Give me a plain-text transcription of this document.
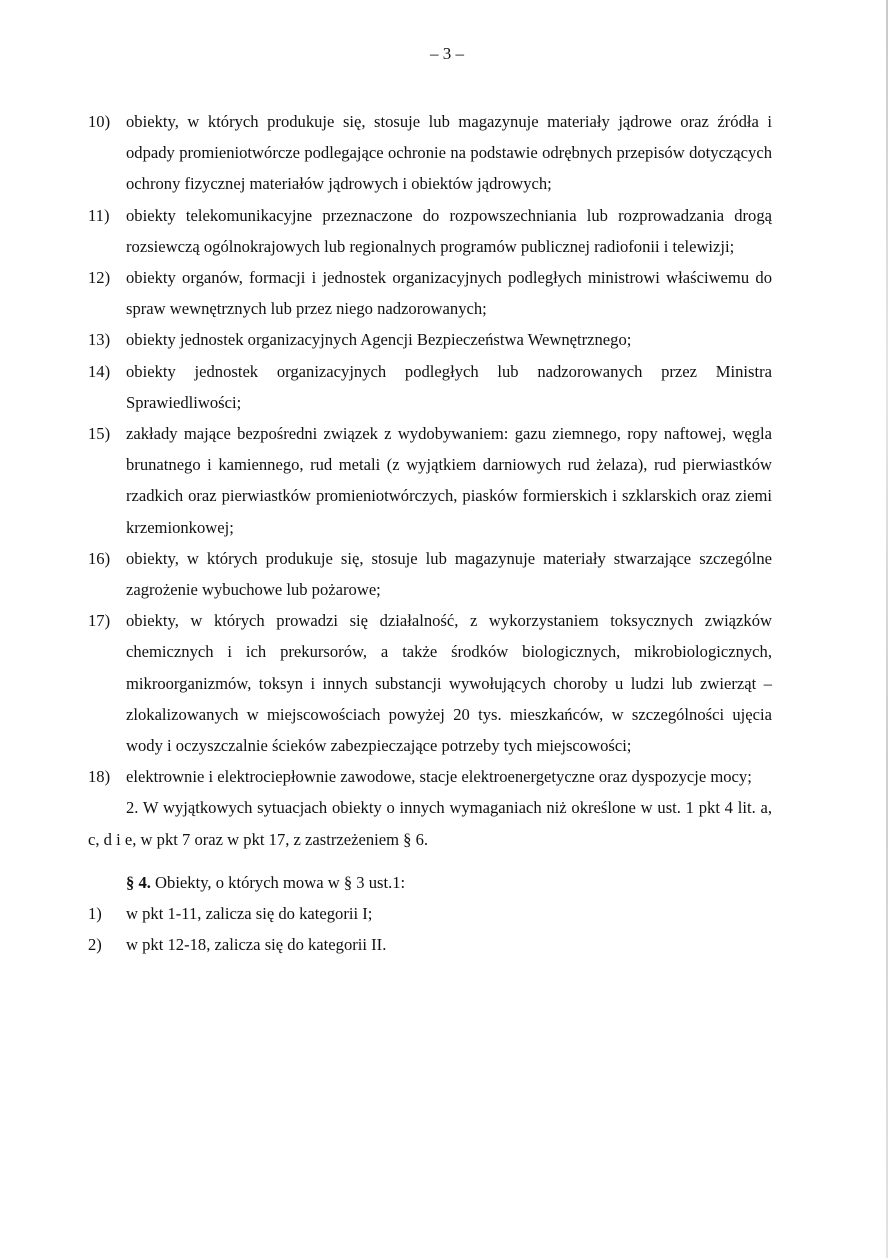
– 3 –
10) obiekty, w których produkuje się, stosuje lub magazynuje materiały jądrowe oraz źródła i odpady promieniotwórcze podlegające ochronie na podstawie odrębnych przepisów dotyczących ochrony fizycznej materiałów jądrowych i obiektów jądrowych;
11) obiekty telekomunikacyjne przeznaczone do rozpowszechniania lub rozprowadzania drogą rozsiewczą ogólnokrajowych lub regionalnych programów publicznej radiofonii i telewizji;
12) obiekty organów, formacji i jednostek organizacyjnych podległych ministrowi właściwemu do spraw wewnętrznych lub przez niego nadzorowanych;
13) obiekty jednostek organizacyjnych Agencji Bezpieczeństwa Wewnętrznego;
14) obiekty jednostek organizacyjnych podległych lub nadzorowanych przez Ministra Sprawiedliwości;
15) zakłady mające bezpośredni związek z wydobywaniem: gazu ziemnego, ropy naftowej, węgla brunatnego i kamiennego, rud metali (z wyjątkiem darniowych rud żelaza), rud pierwiastków rzadkich oraz pierwiastków promieniotwórczych, piasków formierskich i szklarskich oraz ziemi krzemionkowej;
16) obiekty, w których produkuje się, stosuje lub magazynuje materiały stwarzające szczególne zagrożenie wybuchowe lub pożarowe;
17) obiekty, w których prowadzi się działalność, z wykorzystaniem toksycznych związków chemicznych i ich prekursorów, a także środków biologicznych, mikrobiologicznych, mikroorganizmów, toksyn i innych substancji wywołujących choroby u ludzi lub zwierząt – zlokalizowanych w miejscowościach powyżej 20 tys. mieszkańców, w szczególności ujęcia wody i oczyszczalnie ścieków zabezpieczające potrzeby tych miejscowości;
18) elektrownie i elektrociepłownie zawodowe, stacje elektroenergetyczne oraz dyspozycje mocy;
2. W wyjątkowych sytuacjach obiekty o innych wymaganiach niż określone w ust. 1 pkt 4 lit. a, c, d i e, w pkt 7 oraz w pkt 17, z zastrzeżeniem § 6.
§ 4. Obiekty, o których mowa w § 3 ust.1:
1)	w pkt 1-11, zalicza się do kategorii I;
2)	w pkt 12-18, zalicza się do kategorii II.
